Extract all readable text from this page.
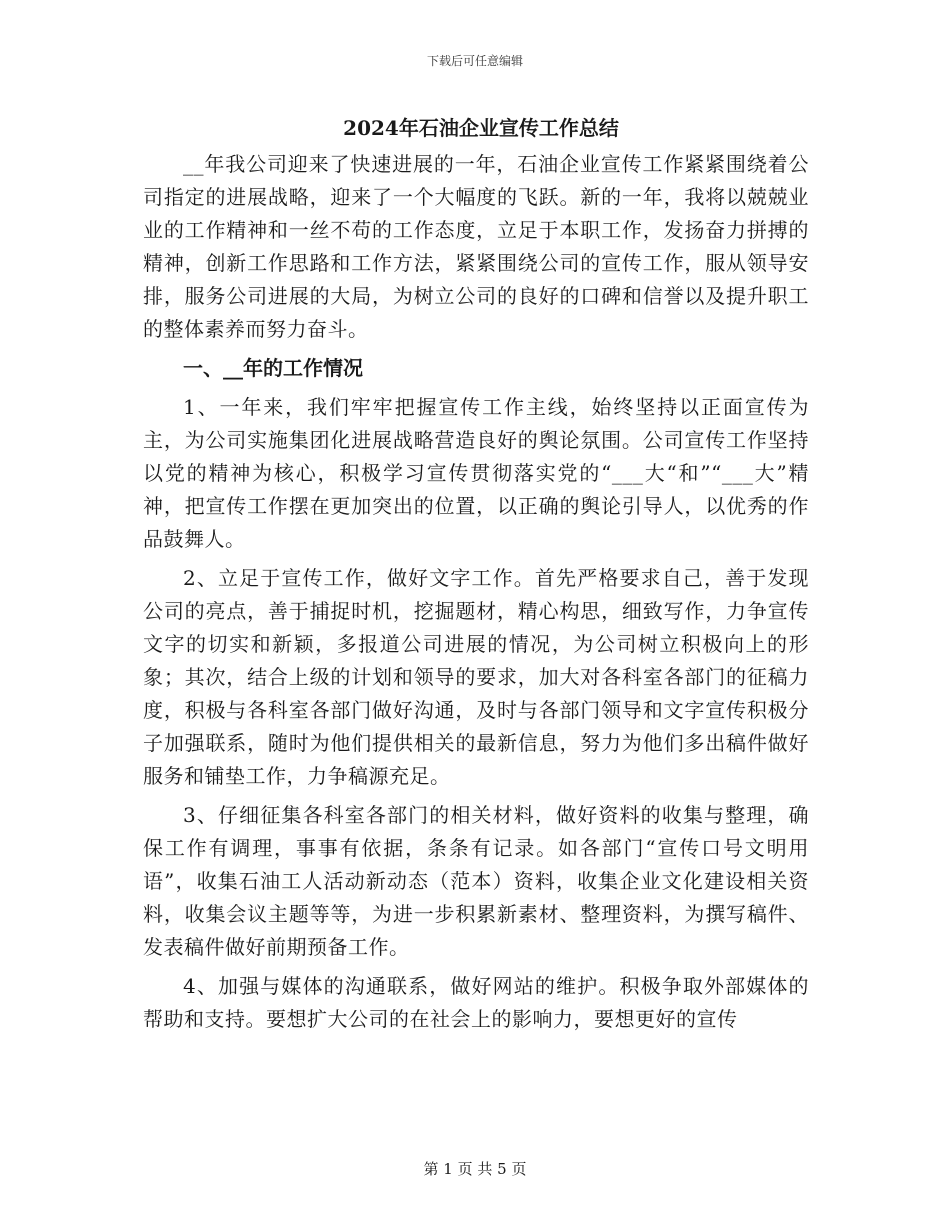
下载后可任意编辑
2024年石油企业宣传工作总结

__年我公司迎来了快速进展的一年，石油企业宣传工作紧紧围绕着公司指定的进展战略，迎来了一个大幅度的飞跃。新的一年，我将以兢兢业业的工作精神和一丝不苟的工作态度，立足于本职工作，发扬奋力拼搏的精神，创新工作思路和工作方法，紧紧围绕公司的宣传工作，服从领导安排，服务公司进展的大局，为树立公司的良好的口碑和信誉以及提升职工的整体素养而努力奋斗。

一、__年的工作情况

1、一年来，我们牢牢把握宣传工作主线，始终坚持以正面宣传为主，为公司实施集团化进展战略营造良好的舆论氛围。公司宣传工作坚持以党的精神为核心，积极学习宣传贯彻落实党的“___大“和”“___大”精神，把宣传工作摆在更加突出的位置，以正确的舆论引导人，以优秀的作品鼓舞人。

2、立足于宣传工作，做好文字工作。首先严格要求自己，善于发现公司的亮点，善于捕捉时机，挖掘题材，精心构思，细致写作，力争宣传文字的切实和新颖，多报道公司进展的情况，为公司树立积极向上的形象；其次，结合上级的计划和领导的要求，加大对各科室各部门的征稿力度，积极与各科室各部门做好沟通，及时与各部门领导和文字宣传积极分子加强联系，随时为他们提供相关的最新信息，努力为他们多出稿件做好服务和铺垫工作，力争稿源充足。

3、仔细征集各科室各部门的相关材料，做好资料的收集与整理，确保工作有调理，事事有依据，条条有记录。如各部门“宣传口号文明用语”，收集石油工人活动新动态（范本）资料，收集企业文化建设相关资料，收集会议主题等等，为进一步积累新素材、整理资料，为撰写稿件、发表稿件做好前期预备工作。

4、加强与媒体的沟通联系，做好网站的维护。积极争取外部媒体的帮助和支持。要想扩大公司的在社会上的影响力，要想更好的宣传

第 1 页 共 5 页
